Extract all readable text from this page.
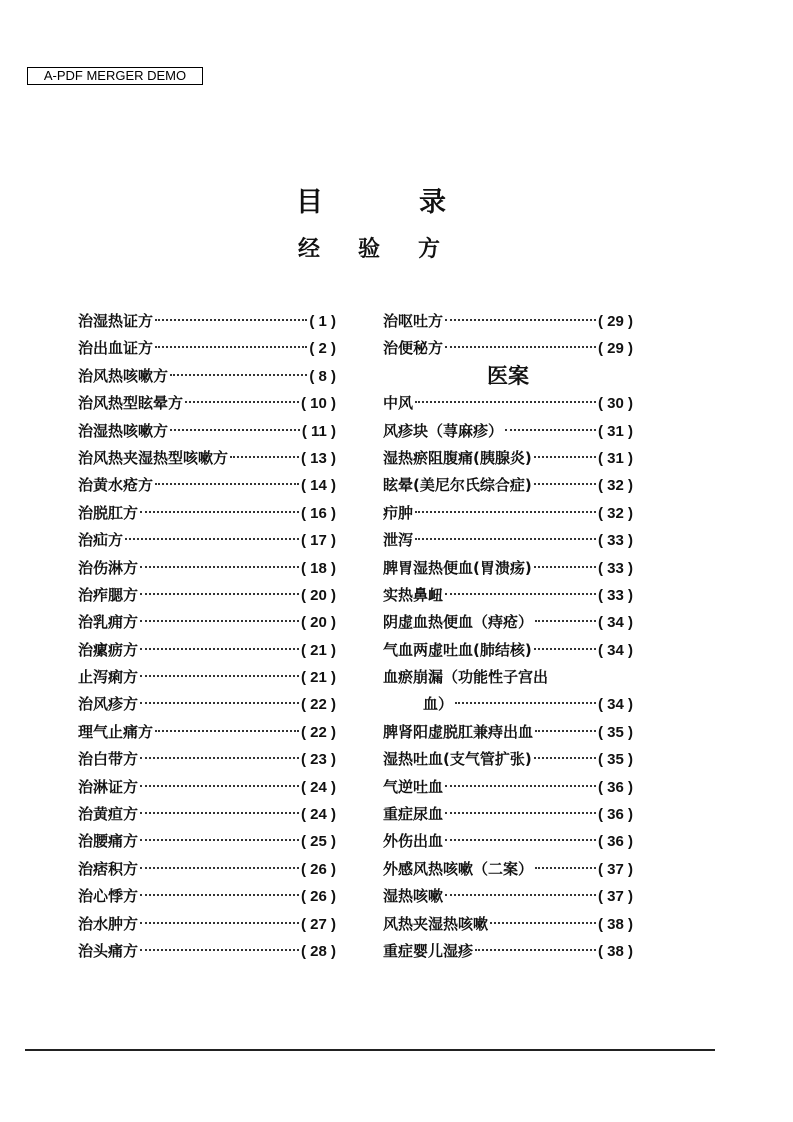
A-PDF MERGER DEMO
目	录
经 验 方
治湿热证方	( 1 )
治出血证方	( 2 )
治风热咳嗽方	( 8 )
治风热型眩晕方	( 10 )
治湿热咳嗽方	( 11 )
治风热夹湿热型咳嗽方	( 13 )
治黄水疮方	( 14 )
治脱肛方	( 16 )
治疝方	( 17 )
治伤淋方	( 18 )
治痄腮方	( 20 )
治乳痈方	( 20 )
治瘰疬方	( 21 )
止泻痢方	( 21 )
治风疹方	( 22 )
理气止痛方	( 22 )
治白带方	( 23 )
治淋证方	( 24 )
治黄疸方	( 24 )
治腰痛方	( 25 )
治痞积方	( 26 )
治心悸方	( 26 )
治水肿方	( 27 )
治头痛方	( 28 )
治呕吐方	( 29 )
治便秘方	( 29 )
医案
中风	( 30 )
风疹块（荨麻疹）	( 31 )
湿热瘀阻腹痛(胰腺炎)	( 31 )
眩晕(美尼尔氏综合症)	( 32 )
疖肿	( 32 )
泄泻	( 33 )
脾胃湿热便血(胃溃疡)	( 33 )
实热鼻衄	( 33 )
阴虚血热便血（痔疮）	( 34 )
气血两虚吐血(肺结核)	( 34 )
血瘀崩漏（功能性子宫出
血）	( 34 )
脾肾阳虚脱肛兼痔出血	( 35 )
湿热吐血(支气管扩张)	( 35 )
气逆吐血	( 36 )
重症尿血	( 36 )
外伤出血	( 36 )
外感风热咳嗽（二案）	( 37 )
湿热咳嗽	( 37 )
风热夹湿热咳嗽	( 38 )
重症婴儿湿疹	( 38 )
